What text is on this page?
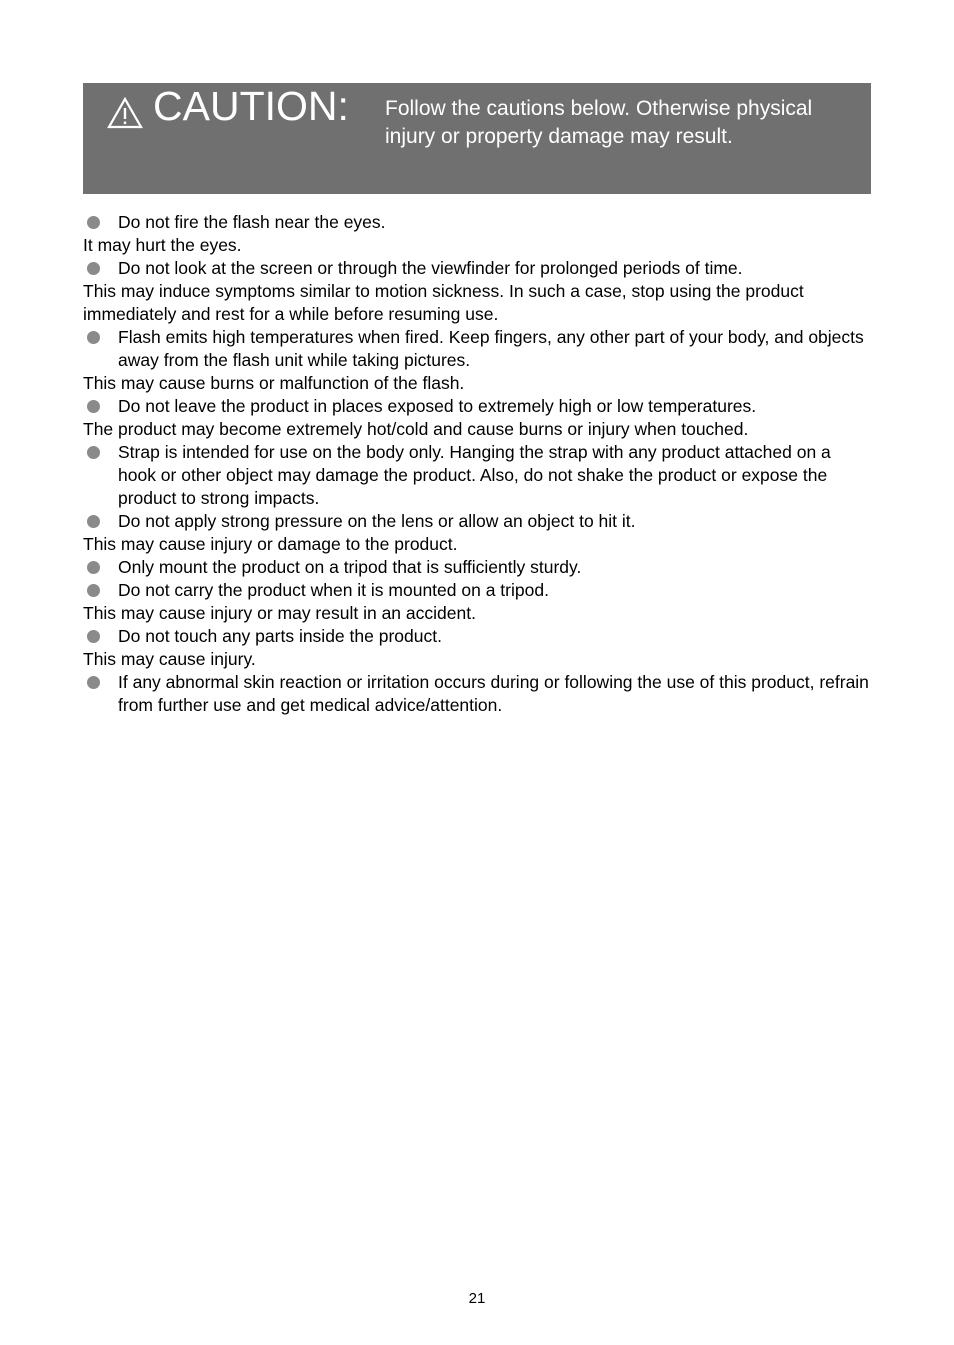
CAUTION: Follow the cautions below. Otherwise physical injury or property damage may result.
Do not fire the flash near the eyes.
It may hurt the eyes.
Do not look at the screen or through the viewfinder for prolonged periods of time.
This may induce symptoms similar to motion sickness. In such a case, stop using the product immediately and rest for a while before resuming use.
Flash emits high temperatures when fired. Keep fingers, any other part of your body, and objects away from the flash unit while taking pictures.
This may cause burns or malfunction of the flash.
Do not leave the product in places exposed to extremely high or low temperatures.
The product may become extremely hot/cold and cause burns or injury when touched.
Strap is intended for use on the body only. Hanging the strap with any product attached on a hook or other object may damage the product. Also, do not shake the product or expose the product to strong impacts.
Do not apply strong pressure on the lens or allow an object to hit it.
This may cause injury or damage to the product.
Only mount the product on a tripod that is sufficiently sturdy.
Do not carry the product when it is mounted on a tripod.
This may cause injury or may result in an accident.
Do not touch any parts inside the product.
This may cause injury.
If any abnormal skin reaction or irritation occurs during or following the use of this product, refrain from further use and get medical advice/attention.
21
